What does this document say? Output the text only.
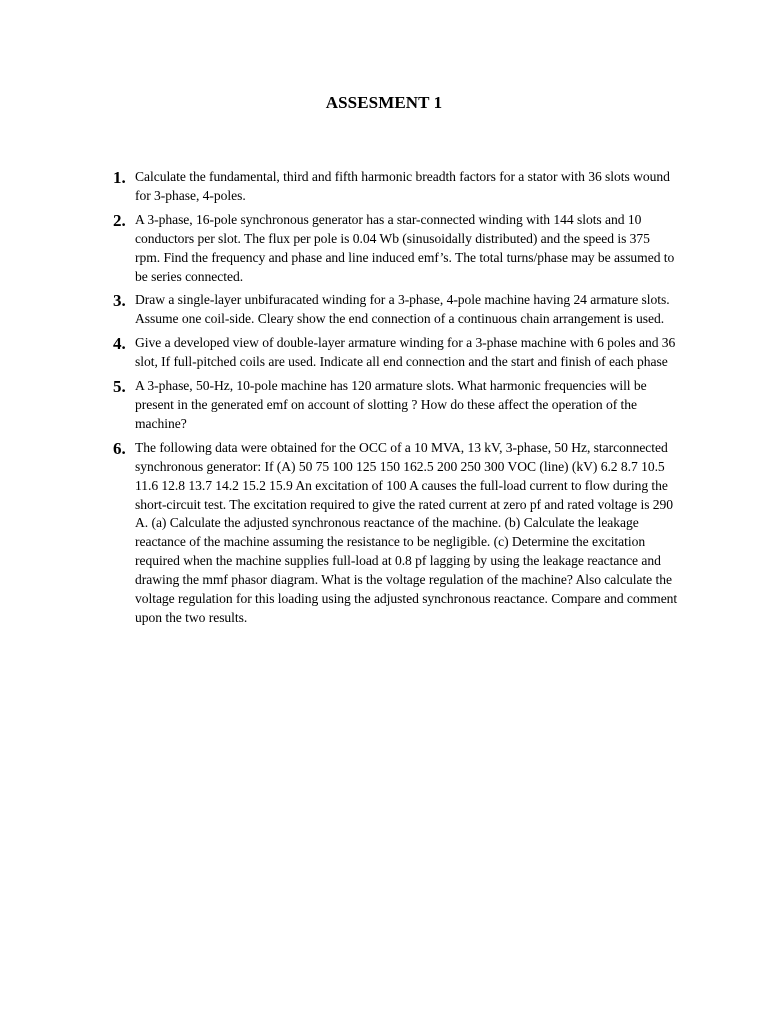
ASSESMENT 1
1. Calculate the fundamental, third and fifth harmonic breadth factors for a stator with 36 slots wound for 3-phase, 4-poles.
2. A 3-phase, 16-pole synchronous generator has a star-connected winding with 144 slots and 10 conductors per slot. The flux per pole is 0.04 Wb (sinusoidally distributed) and the speed is 375 rpm. Find the frequency and phase and line induced emf’s. The total turns/phase may be assumed to be series connected.
3. Draw a single-layer unbifuracated winding for a 3-phase, 4-pole machine having 24 armature slots. Assume one coil-side. Cleary show the end connection of a continuous chain arrangement is used.
4. Give a developed view of double-layer armature winding for a 3-phase machine with 6 poles and 36 slot, If full-pitched coils are used. Indicate all end connection and the start and finish of each phase
5. A 3-phase, 50-Hz, 10-pole machine has 120 armature slots. What harmonic frequencies will be present in the generated emf on account of slotting ? How do these affect the operation of the machine?
6. The following data were obtained for the OCC of a 10 MVA, 13 kV, 3-phase, 50 Hz, starconnected synchronous generator: If (A) 50 75 100 125 150 162.5 200 250 300 VOC (line) (kV) 6.2 8.7 10.5 11.6 12.8 13.7 14.2 15.2 15.9 An excitation of 100 A causes the full-load current to flow during the short-circuit test. The excitation required to give the rated current at zero pf and rated voltage is 290 A. (a) Calculate the adjusted synchronous reactance of the machine. (b) Calculate the leakage reactance of the machine assuming the resistance to be negligible. (c) Determine the excitation required when the machine supplies full-load at 0.8 pf lagging by using the leakage reactance and drawing the mmf phasor diagram. What is the voltage regulation of the machine? Also calculate the voltage regulation for this loading using the adjusted synchronous reactance. Compare and comment upon the two results.
